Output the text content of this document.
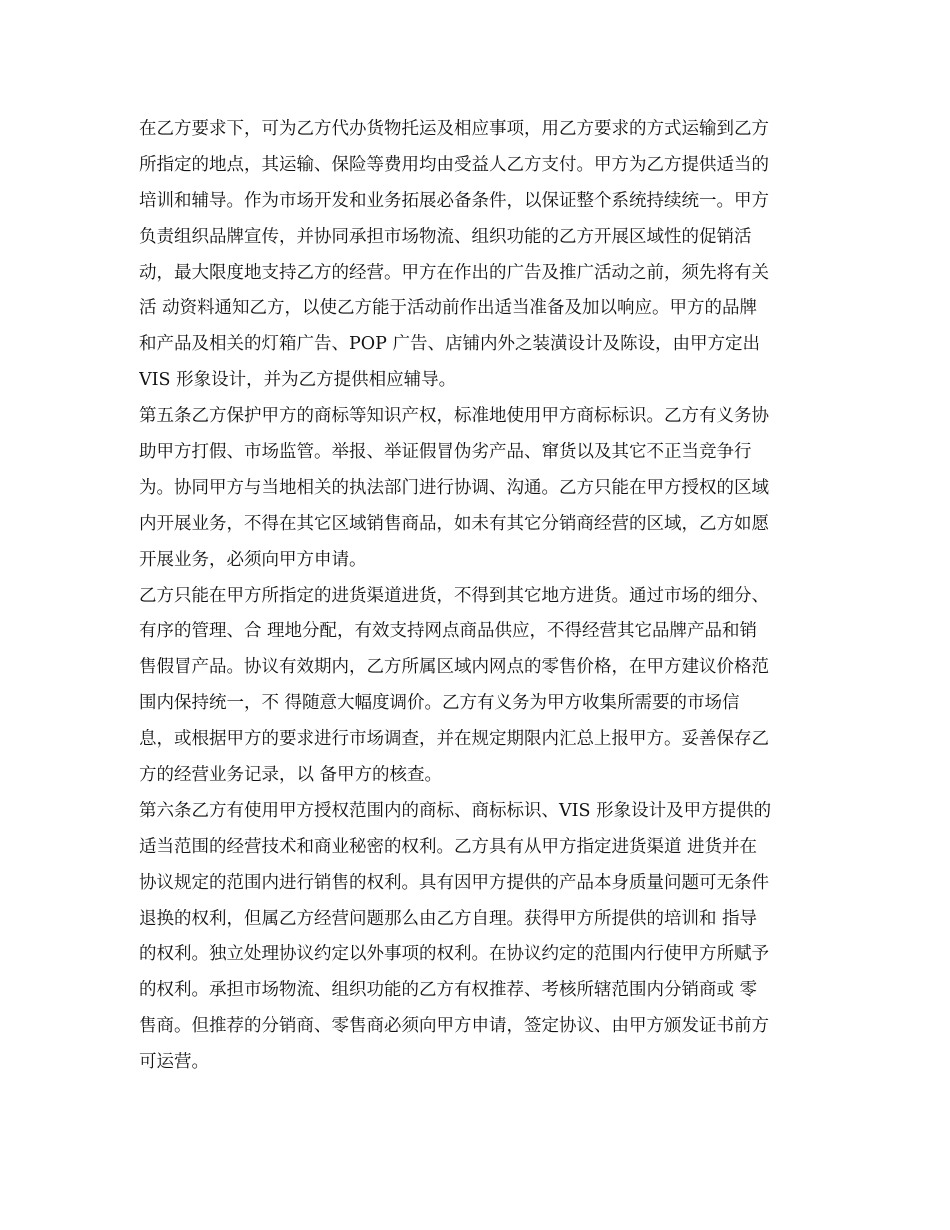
在乙方要求下，可为乙方代办货物托运及相应事项，用乙方要求的方式运输到乙方
所指定的地点，其运输、保险等费用均由受益人乙方支付。甲方为乙方提供适当的
培训和辅导。作为市场开发和业务拓展必备条件，以保证整个系统持续统一。甲方
负责组织品牌宣传，并协同承担市场物流、组织功能的乙方开展区域性的促销活
动，最大限度地支持乙方的经营。甲方在作出的广告及推广活动之前，须先将有关
活 动资料通知乙方，以使乙方能于活动前作出适当准备及加以响应。甲方的品牌
和产品及相关的灯箱广告、POP 广告、店铺内外之装潢设计及陈设，由甲方定出
VIS 形象设计，并为乙方提供相应辅导。
第五条乙方保护甲方的商标等知识产权，标准地使用甲方商标标识。乙方有义务协
助甲方打假、市场监管。举报、举证假冒伪劣产品、窜货以及其它不正当竞争行
为。协同甲方与当地相关的执法部门进行协调、沟通。乙方只能在甲方授权的区域
内开展业务，不得在其它区域销售商品，如未有其它分销商经营的区域，乙方如愿
开展业务，必须向甲方申请。
乙方只能在甲方所指定的进货渠道进货，不得到其它地方进货。通过市场的细分、
有序的管理、合 理地分配，有效支持网点商品供应，不得经营其它品牌产品和销
售假冒产品。协议有效期内，乙方所属区域内网点的零售价格，在甲方建议价格范
围内保持统一，不 得随意大幅度调价。乙方有义务为甲方收集所需要的市场信
息，或根据甲方的要求进行市场调查，并在规定期限内汇总上报甲方。妥善保存乙
方的经营业务记录，以 备甲方的核查。
第六条乙方有使用甲方授权范围内的商标、商标标识、VIS 形象设计及甲方提供的
适当范围的经营技术和商业秘密的权利。乙方具有从甲方指定进货渠道 进货并在
协议规定的范围内进行销售的权利。具有因甲方提供的产品本身质量问题可无条件
退换的权利，但属乙方经营问题那么由乙方自理。获得甲方所提供的培训和 指导
的权利。独立处理协议约定以外事项的权利。在协议约定的范围内行使甲方所赋予
的权利。承担市场物流、组织功能的乙方有权推荐、考核所辖范围内分销商或 零
售商。但推荐的分销商、零售商必须向甲方申请，签定协议、由甲方颁发证书前方
可运营。
